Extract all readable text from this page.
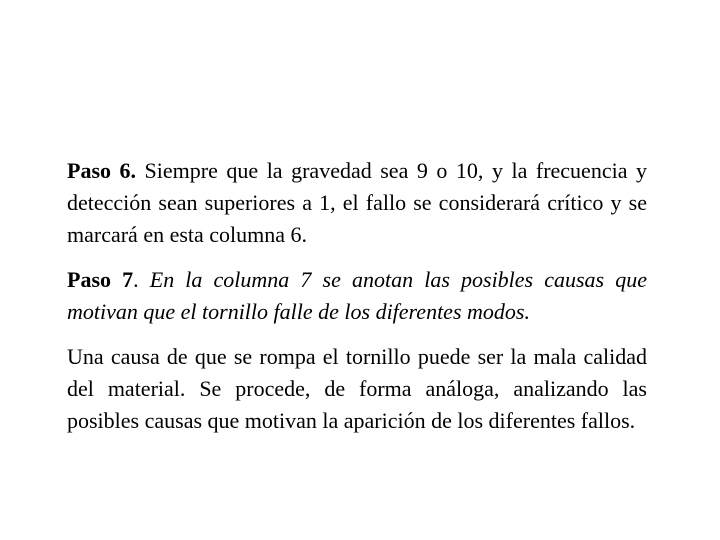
Paso 6. Siempre que la gravedad sea 9 o 10, y la frecuencia y detección sean superiores a 1, el fallo se considerará crítico y se marcará en esta columna 6.

Paso 7. En la columna 7 se anotan las posibles causas que motivan que el tornillo falle de los diferentes modos.

Una causa de que se rompa el tornillo puede ser la mala calidad del material. Se procede, de forma análoga, analizando las posibles causas que motivan la aparición de los diferentes fallos.
